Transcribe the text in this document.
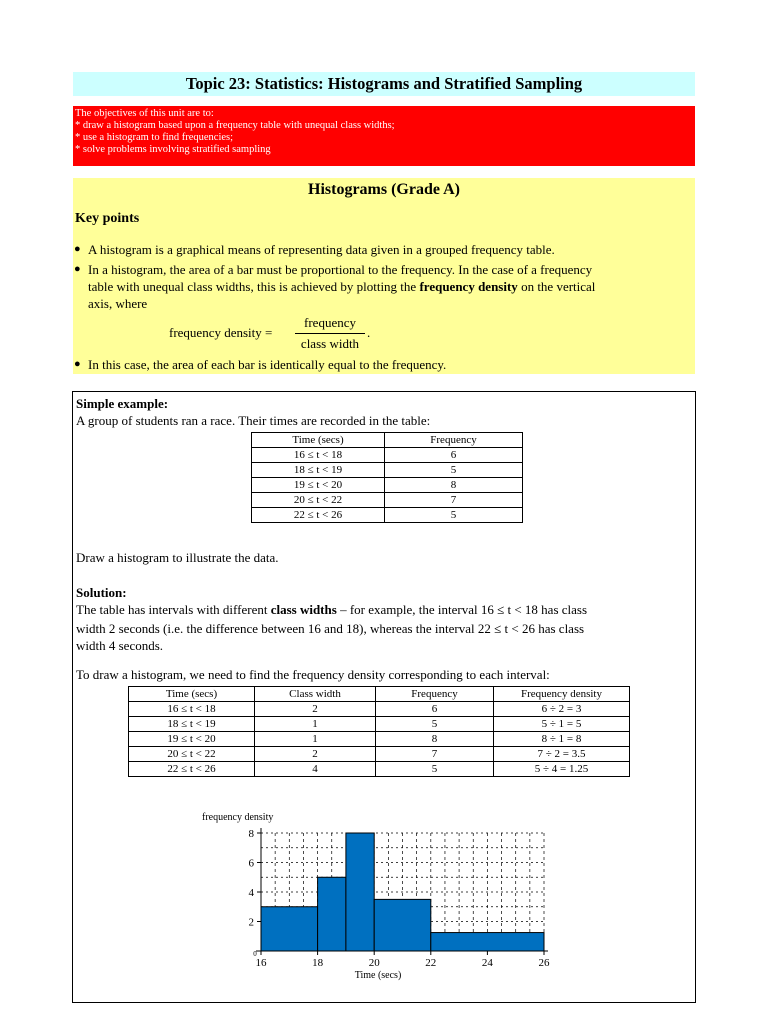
Topic 23: Statistics: Histograms and Stratified Sampling
The objectives of this unit are to:
* draw a histogram based upon a frequency table with unequal class widths;
* use a histogram to find frequencies;
* solve problems involving stratified sampling
Histograms (Grade A)
Key points
● A histogram is a graphical means of representing data given in a grouped frequency table.
● In a histogram, the area of a bar must be proportional to the frequency. In the case of a frequency
table with unequal class widths, this is achieved by plotting the frequency density on the vertical
axis, where
frequency density =
frequency
class width
.
● In this case, the area of each bar is identically equal to the frequency.
Simple example:
A group of students ran a race. Their times are recorded in the table:
Time (secs)	Frequency
16 ≤ t < 18	6
18 ≤ t < 19	5
19 ≤ t < 20	8
20 ≤ t < 22	7
22 ≤ t < 26	5
Draw a histogram to illustrate the data.
Solution:
The table has intervals with different class widths – for example, the interval 16 ≤ t < 18 has class
width 2 seconds (i.e. the difference between 16 and 18), whereas the interval 22 ≤ t < 26 has class
width 4 seconds.
To draw a histogram, we need to find the frequency density corresponding to each interval:
Time (secs)	Class width	Frequency	Frequency density
16 ≤ t < 18	2	6	6 ÷ 2 = 3
18 ≤ t < 19	1	5	5 ÷ 1 = 5
19 ≤ t < 20	1	8	8 ÷ 1 = 8
20 ≤ t < 22	2	7	7 ÷ 2 = 3.5
22 ≤ t < 26	4	5	5 ÷ 4 = 1.25
frequency density
Time (secs)
2
4
6
8
0
16	18	20	22	24	26
